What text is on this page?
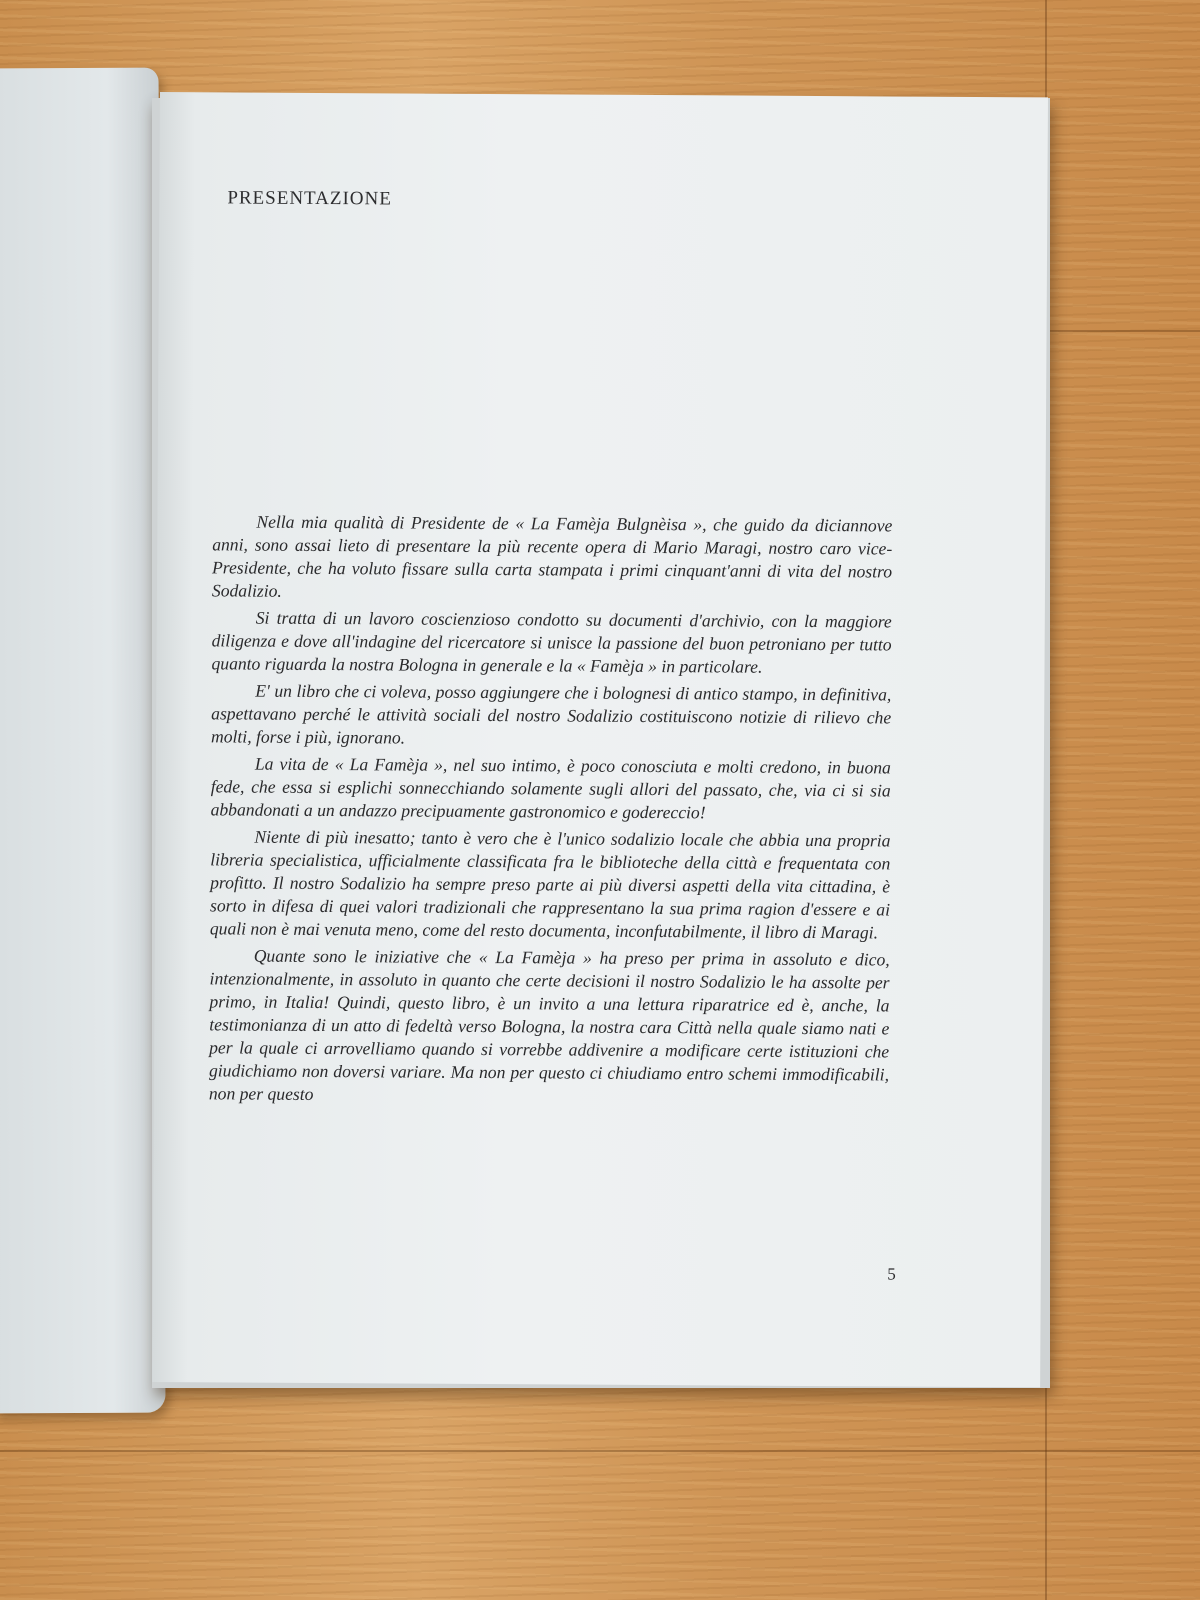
PRESENTAZIONE

Nella mia qualità di Presidente de « La Famèja Bulgnèisa », che guido da diciannove anni, sono assai lieto di presentare la più recente opera di Mario Maragi, nostro caro vice-Presidente, che ha voluto fissare sulla carta stampata i primi cinquant'anni di vita del nostro Sodalizio.

Si tratta di un lavoro coscienzioso condotto su documenti d'archivio, con la maggiore diligenza e dove all'indagine del ricercatore si unisce la passione del buon petroniano per tutto quanto riguarda la nostra Bologna in generale e la « Famèja » in particolare.

E' un libro che ci voleva, posso aggiungere che i bolognesi di antico stampo, in definitiva, aspettavano perché le attività sociali del nostro Sodalizio costituiscono notizie di rilievo che molti, forse i più, ignorano.

La vita de « La Famèja », nel suo intimo, è poco conosciuta e molti credono, in buona fede, che essa si esplichi sonnecchiando solamente sugli allori del passato, che, via ci si sia abbandonati a un andazzo precipuamente gastronomico e godereccio!

Niente di più inesatto; tanto è vero che è l'unico sodalizio locale che abbia una propria libreria specialistica, ufficialmente classificata fra le biblioteche della città e frequentata con profitto. Il nostro Sodalizio ha sempre preso parte ai più diversi aspetti della vita cittadina, è sorto in difesa di quei valori tradizionali che rappresentano la sua prima ragion d'essere e ai quali non è mai venuta meno, come del resto documenta, inconfutabilmente, il libro di Maragi.

Quante sono le iniziative che « La Famèja » ha preso per prima in assoluto e dico, intenzionalmente, in assoluto in quanto che certe decisioni il nostro Sodalizio le ha assolte per primo, in Italia! Quindi, questo libro, è un invito a una lettura riparatrice ed è, anche, la testimonianza di un atto di fedeltà verso Bologna, la nostra cara Città nella quale siamo nati e per la quale ci arrovelliamo quando si vorrebbe addivenire a modificare certe istituzioni che giudichiamo non doversi variare. Ma non per questo ci chiudiamo entro schemi immodificabili, non per questo

5
